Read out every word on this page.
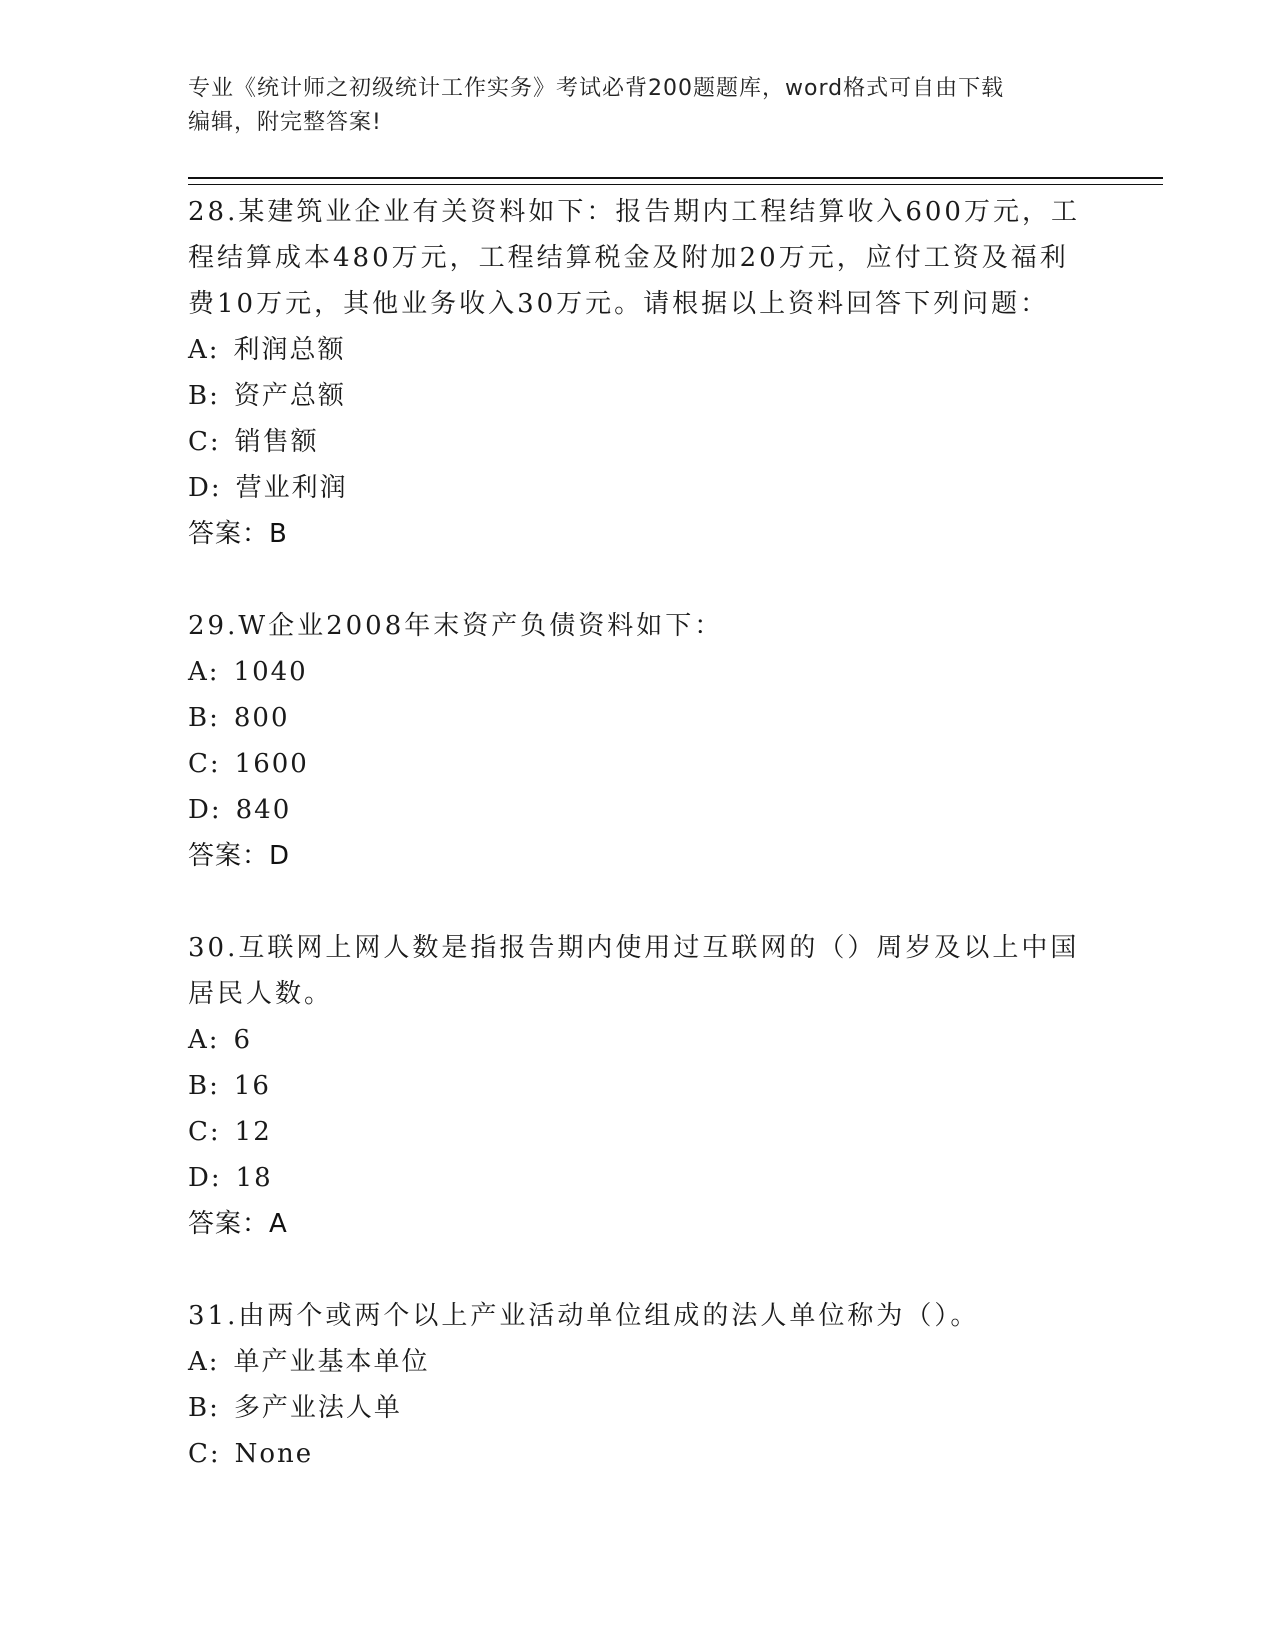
专业《统计师之初级统计工作实务》考试必背200题题库，word格式可自由下载
编辑，附完整答案!

28.某建筑业企业有关资料如下：报告期内工程结算收入600万元，工

程结算成本480万元，工程结算税金及附加20万元，应付工资及福利

费10万元，其他业务收入30万元。请根据以上资料回答下列问题：

A: 利润总额

B: 资产总额

C: 销售额

D: 营业利润

答案：B

29.W企业2008年末资产负债资料如下：

A: 1040

B: 800

C: 1600

D: 840

答案：D

30.互联网上网人数是指报告期内使用过互联网的（）周岁及以上中国

居民人数。

A: 6

B: 16

C: 12

D: 18

答案：A

31.由两个或两个以上产业活动单位组成的法人单位称为（）。

A: 单产业基本单位

B: 多产业法人单

C: None
